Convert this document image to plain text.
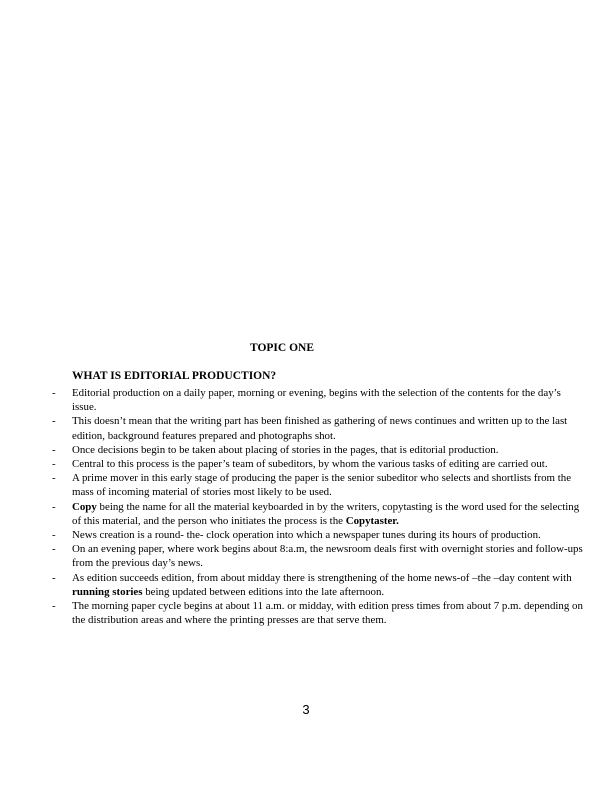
TOPIC ONE
WHAT IS EDITORIAL PRODUCTION?
- Editorial production on a daily paper, morning or evening, begins with the selection of the contents for the day’s issue.
- This doesn’t mean that the writing part has been finished as gathering of news continues and written up to the last edition, background features prepared and photographs shot.
- Once decisions begin to be taken about placing of stories in the pages, that is editorial production.
- Central to this process is the paper’s team of subeditors, by whom the various tasks of editing are carried out.
- A prime mover in this early stage of producing the paper is the senior subeditor who selects and shortlists from the mass of incoming material of stories most likely to be used.
- Copy being the name for all the material keyboarded in by the writers, copytasting is the word used for the selecting of this material, and the person who initiates the process is the Copytaster.
- News creation is a round- the- clock operation into which a newspaper tunes during its hours of production.
- On an evening paper, where work begins about 8:a.m, the newsroom deals first with overnight stories and follow-ups from the previous day’s news.
- As edition succeeds edition, from about midday there is strengthening of the home news-of –the –day content with running stories being updated between editions into the late afternoon.
- The morning paper cycle begins at about 11 a.m. or midday, with edition press times from about 7 p.m. depending on the distribution areas and where the printing presses are that serve them.
3
